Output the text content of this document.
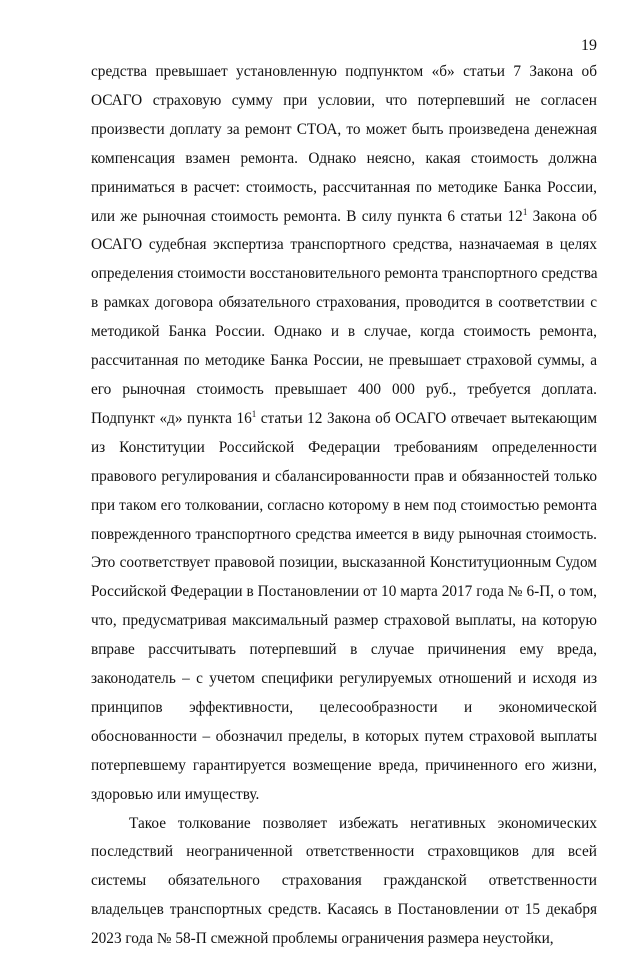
19
средства превышает установленную подпунктом «б» статьи 7 Закона об
ОСАГО страховую сумму при условии, что потерпевший не согласен
произвести доплату за ремонт СТОА, то может быть произведена денежная
компенсация взамен ремонта. Однако неясно, какая стоимость должна
приниматься в расчет: стоимость, рассчитанная по методике Банка России,
или же рыночная стоимость ремонта. В силу пункта 6 статьи $12^1$ Закона об
ОСАГО судебная экспертиза транспортного средства, назначаемая в целях
определения стоимости восстановительного ремонта транспортного средства
в рамках договора обязательного страхования, проводится в соответствии с
методикой Банка России. Однако и в случае, когда стоимость ремонта,
рассчитанная по методике Банка России, не превышает страховой суммы, а
его рыночная стоимость превышает 400 000 руб., требуется доплата.
Подпункт «д» пункта $16^1$ статьи 12 Закона об ОСАГО отвечает вытекающим
из Конституции Российской Федерации требованиям определенности
правового регулирования и сбалансированности прав и обязанностей только
при таком его толковании, согласно которому в нем под стоимостью ремонта
поврежденного транспортного средства имеется в виду рыночная стоимость.
Это соответствует правовой позиции, высказанной Конституционным Судом
Российской Федерации в Постановлении от 10 марта 2017 года № 6-П, о том,
что, предусматривая максимальный размер страховой выплаты, на которую
вправе рассчитывать потерпевший в случае причинения ему вреда,
законодатель – с учетом специфики регулируемых отношений и исходя из
принципов эффективности, целесообразности и экономической
обоснованности – обозначил пределы, в которых путем страховой выплаты
потерпевшему гарантируется возмещение вреда, причиненного его жизни,
здоровью или имуществу.
Такое толкование позволяет избежать негативных экономических
последствий неограниченной ответственности страховщиков для всей
системы обязательного страхования гражданской ответственности
владельцев транспортных средств. Касаясь в Постановлении от 15 декабря
2023 года № 58-П смежной проблемы ограничения размера неустойки,
